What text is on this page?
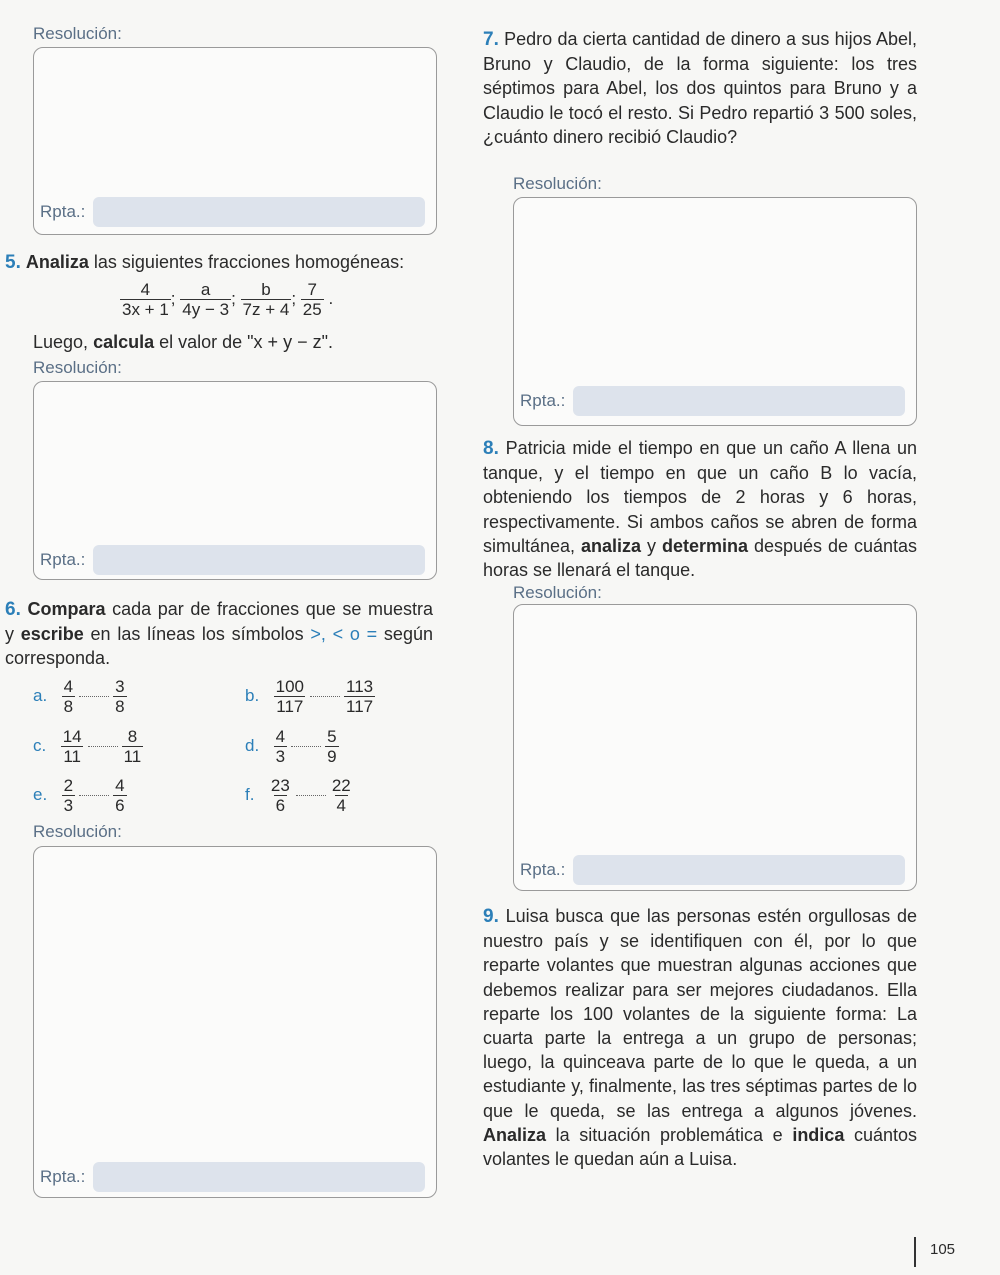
Resolución:
Rpta.:
5. Analiza las siguientes fracciones homogéneas:
$\frac{4}{3x + 1}$ ; $\frac{a}{4y - 3}$ ; $\frac{b}{7z + 4}$ ; $\frac{7}{25}$ .
Luego, calcula el valor de "x + y − z".
Resolución:
Rpta.:
6. Compara cada par de fracciones que se muestra y escribe en las líneas los símbolos >, < o = según corresponda.
a. $\frac{4}{8} \frac{3}{8}$	b. $\frac{100}{117} \frac{113}{117}$
c. $\frac{14}{11} \frac{8}{11}$	d. $\frac{4}{3} \frac{5}{9}$
e. $\frac{2}{3} \frac{4}{6}$	f. $\frac{23}{6} \frac{22}{4}$
Resolución:
Rpta.:
7. Pedro da cierta cantidad de dinero a sus hijos Abel, Bruno y Claudio, de la forma siguiente: los tres séptimos para Abel, los dos quintos para Bruno y a Claudio le tocó el resto. Si Pedro repartió 3 500 soles, ¿cuánto dinero recibió Claudio?
Resolución:
Rpta.:
8. Patricia mide el tiempo en que un caño A llena un tanque, y el tiempo en que un caño B lo vacía, obteniendo los tiempos de 2 horas y 6 horas, respectivamente. Si ambos caños se abren de forma simultánea, analiza y determina después de cuántas horas se llenará el tanque.
Resolución:
Rpta.:
9. Luisa busca que las personas estén orgullosas de nuestro país y se identifiquen con él, por lo que reparte volantes que muestran algunas acciones que debemos realizar para ser mejores ciudadanos. Ella reparte los 100 volantes de la siguiente forma: La cuarta parte la entrega a un grupo de personas; luego, la quinceava parte de lo que le queda, a un estudiante y, finalmente, las tres séptimas partes de lo que le queda, se las entrega a algunos jóvenes. Analiza la situación problemática e indica cuántos volantes le quedan aún a Luisa.
105
